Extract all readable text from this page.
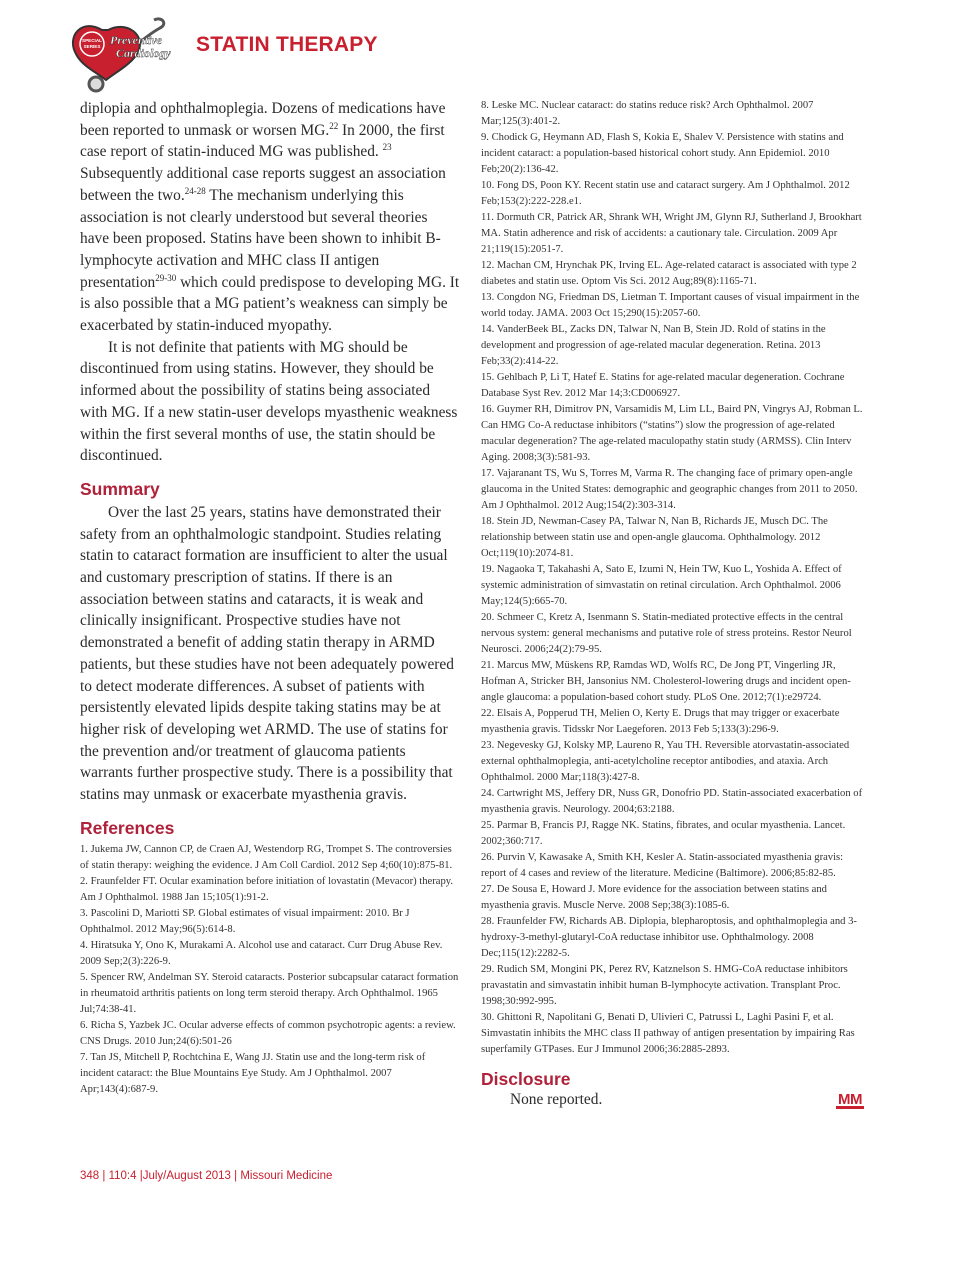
SPECIAL
SERIES Preventive
Cardiology STATIN THERAPY

diplopia and ophthalmoplegia. Dozens of medications have been reported to unmask or worsen MG.$^{22}$ In 2000, the first case report of statin-induced MG was published. $^{23}$ Subsequently additional case reports suggest an association between the two.$^{24-28}$ The mechanism underlying this association is not clearly understood but several theories have been proposed. Statins have been shown to inhibit B-lymphocyte activation and MHC class II antigen presentation$^{29-30}$ which could predispose to developing MG. It is also possible that a MG patient’s weakness can simply be exacerbated by statin-induced myopathy.

It is not definite that patients with MG should be discontinued from using statins. However, they should be informed about the possibility of statins being associated with MG. If a new statin-user develops myasthenic weakness within the first several months of use, the statin should be discontinued.

Summary

Over the last 25 years, statins have demonstrated their safety from an ophthalmologic standpoint. Studies relating statin to cataract formation are insufficient to alter the usual and customary prescription of statins. If there is an association between statins and cataracts, it is weak and clinically insignificant. Prospective studies have not demonstrated a benefit of adding statin therapy in ARMD patients, but these studies have not been adequately powered to detect moderate differences. A subset of patients with persistently elevated lipids despite taking statins may be at higher risk of developing wet ARMD. The use of statins for the prevention and/or treatment of glaucoma patients warrants further prospective study. There is a possibility that statins may unmask or exacerbate myasthenia gravis.

References
1. Jukema JW, Cannon CP, de Craen AJ, Westendorp RG, Trompet S. The controversies of statin therapy: weighing the evidence. J Am Coll Cardiol. 2012 Sep 4;60(10):875-81.
2. Fraunfelder FT. Ocular examination before initiation of lovastatin (Mevacor) therapy. Am J Ophthalmol. 1988 Jan 15;105(1):91-2.
3. Pascolini D, Mariotti SP. Global estimates of visual impairment: 2010. Br J Ophthalmol. 2012 May;96(5):614-8.
4. Hiratsuka Y, Ono K, Murakami A. Alcohol use and cataract. Curr Drug Abuse Rev. 2009 Sep;2(3):226-9.
5. Spencer RW, Andelman SY. Steroid cataracts. Posterior subcapsular cataract formation in rheumatoid arthritis patients on long term steroid therapy. Arch Ophthalmol. 1965 Jul;74:38-41.
6. Richa S, Yazbek JC. Ocular adverse effects of common psychotropic agents: a review. CNS Drugs. 2010 Jun;24(6):501-26
7. Tan JS, Mitchell P, Rochtchina E, Wang JJ. Statin use and the long-term risk of incident cataract: the Blue Mountains Eye Study. Am J Ophthalmol. 2007 Apr;143(4):687-9.
8. Leske MC. Nuclear cataract: do statins reduce risk? Arch Ophthalmol. 2007 Mar;125(3):401-2.
9. Chodick G, Heymann AD, Flash S, Kokia E, Shalev V. Persistence with statins and incident cataract: a population-based historical cohort study. Ann Epidemiol. 2010 Feb;20(2):136-42.
10. Fong DS, Poon KY. Recent statin use and cataract surgery. Am J Ophthalmol. 2012 Feb;153(2):222-228.e1.
11. Dormuth CR, Patrick AR, Shrank WH, Wright JM, Glynn RJ, Sutherland J, Brookhart MA. Statin adherence and risk of accidents: a cautionary tale. Circulation. 2009 Apr 21;119(15):2051-7.
12. Machan CM, Hrynchak PK, Irving EL. Age-related cataract is associated with type 2 diabetes and statin use. Optom Vis Sci. 2012 Aug;89(8):1165-71.
13. Congdon NG, Friedman DS, Lietman T. Important causes of visual impairment in the world today. JAMA. 2003 Oct 15;290(15):2057-60.
14. VanderBeek BL, Zacks DN, Talwar N, Nan B, Stein JD. Rold of statins in the development and progression of age-related macular degeneration. Retina. 2013 Feb;33(2):414-22.
15. Gehlbach P, Li T, Hatef E. Statins for age-related macular degeneration. Cochrane Database Syst Rev. 2012 Mar 14;3:CD006927.
16. Guymer RH, Dimitrov PN, Varsamidis M, Lim LL, Baird PN, Vingrys AJ, Robman L. Can HMG Co-A reductase inhibitors (“statins”) slow the progression of age-related macular degeneration? The age-related maculopathy statin study (ARMSS). Clin Interv Aging. 2008;3(3):581-93.
17. Vajaranant TS, Wu S, Torres M, Varma R. The changing face of primary open-angle glaucoma in the United States: demographic and geographic changes from 2011 to 2050. Am J Ophthalmol. 2012 Aug;154(2):303-314.
18. Stein JD, Newman-Casey PA, Talwar N, Nan B, Richards JE, Musch DC. The relationship between statin use and open-angle glaucoma. Ophthalmology. 2012 Oct;119(10):2074-81.
19. Nagaoka T, Takahashi A, Sato E, Izumi N, Hein TW, Kuo L, Yoshida A. Effect of systemic administration of simvastatin on retinal circulation. Arch Ophthalmol. 2006 May;124(5):665-70.
20. Schmeer C, Kretz A, Isenmann S. Statin-mediated protective effects in the central nervous system: general mechanisms and putative role of stress proteins. Restor Neurol Neurosci. 2006;24(2):79-95.
21. Marcus MW, Müskens RP, Ramdas WD, Wolfs RC, De Jong PT, Vingerling JR, Hofman A, Stricker BH, Jansonius NM. Cholesterol-lowering drugs and incident open-angle glaucoma: a population-based cohort study. PLoS One. 2012;7(1):e29724.
22. Elsais A, Popperud TH, Melien O, Kerty E. Drugs that may trigger or exacerbate myasthenia gravis. Tidsskr Nor Laegeforen. 2013 Feb 5;133(3):296-9.
23. Negevesky GJ, Kolsky MP, Laureno R, Yau TH. Reversible atorvastatin-associated external ophthalmoplegia, anti-acetylcholine receptor antibodies, and ataxia. Arch Ophthalmol. 2000 Mar;118(3):427-8.
24. Cartwright MS, Jeffery DR, Nuss GR, Donofrio PD. Statin-associated exacerbation of myasthenia gravis. Neurology. 2004;63:2188.
25. Parmar B, Francis PJ, Ragge NK. Statins, fibrates, and ocular myasthenia. Lancet. 2002;360:717.
26. Purvin V, Kawasake A, Smith KH, Kesler A. Statin-associated myasthenia gravis: report of 4 cases and review of the literature. Medicine (Baltimore). 2006;85:82-85.
27. De Sousa E, Howard J. More evidence for the association between statins and myasthenia gravis. Muscle Nerve. 2008 Sep;38(3):1085-6.
28. Fraunfelder FW, Richards AB. Diplopia, blepharoptosis, and ophthalmoplegia and 3-hydroxy-3-methyl-glutaryl-CoA reductase inhibitor use. Ophthalmology. 2008 Dec;115(12):2282-5.
29. Rudich SM, Mongini PK, Perez RV, Katznelson S. HMG-CoA reductase inhibitors pravastatin and simvastatin inhibit human B-lymphocyte activation. Transplant Proc. 1998;30:992-995.
30. Ghittoni R, Napolitani G, Benati D, Ulivieri C, Patrussi L, Laghi Pasini F, et al. Simvastatin inhibits the MHC class II pathway of antigen presentation by impairing Ras superfamily GTPases. Eur J Immunol 2006;36:2885-2893.
Disclosure
None reported.	MM
348 | 110:4 |July/August 2013 | Missouri Medicine
